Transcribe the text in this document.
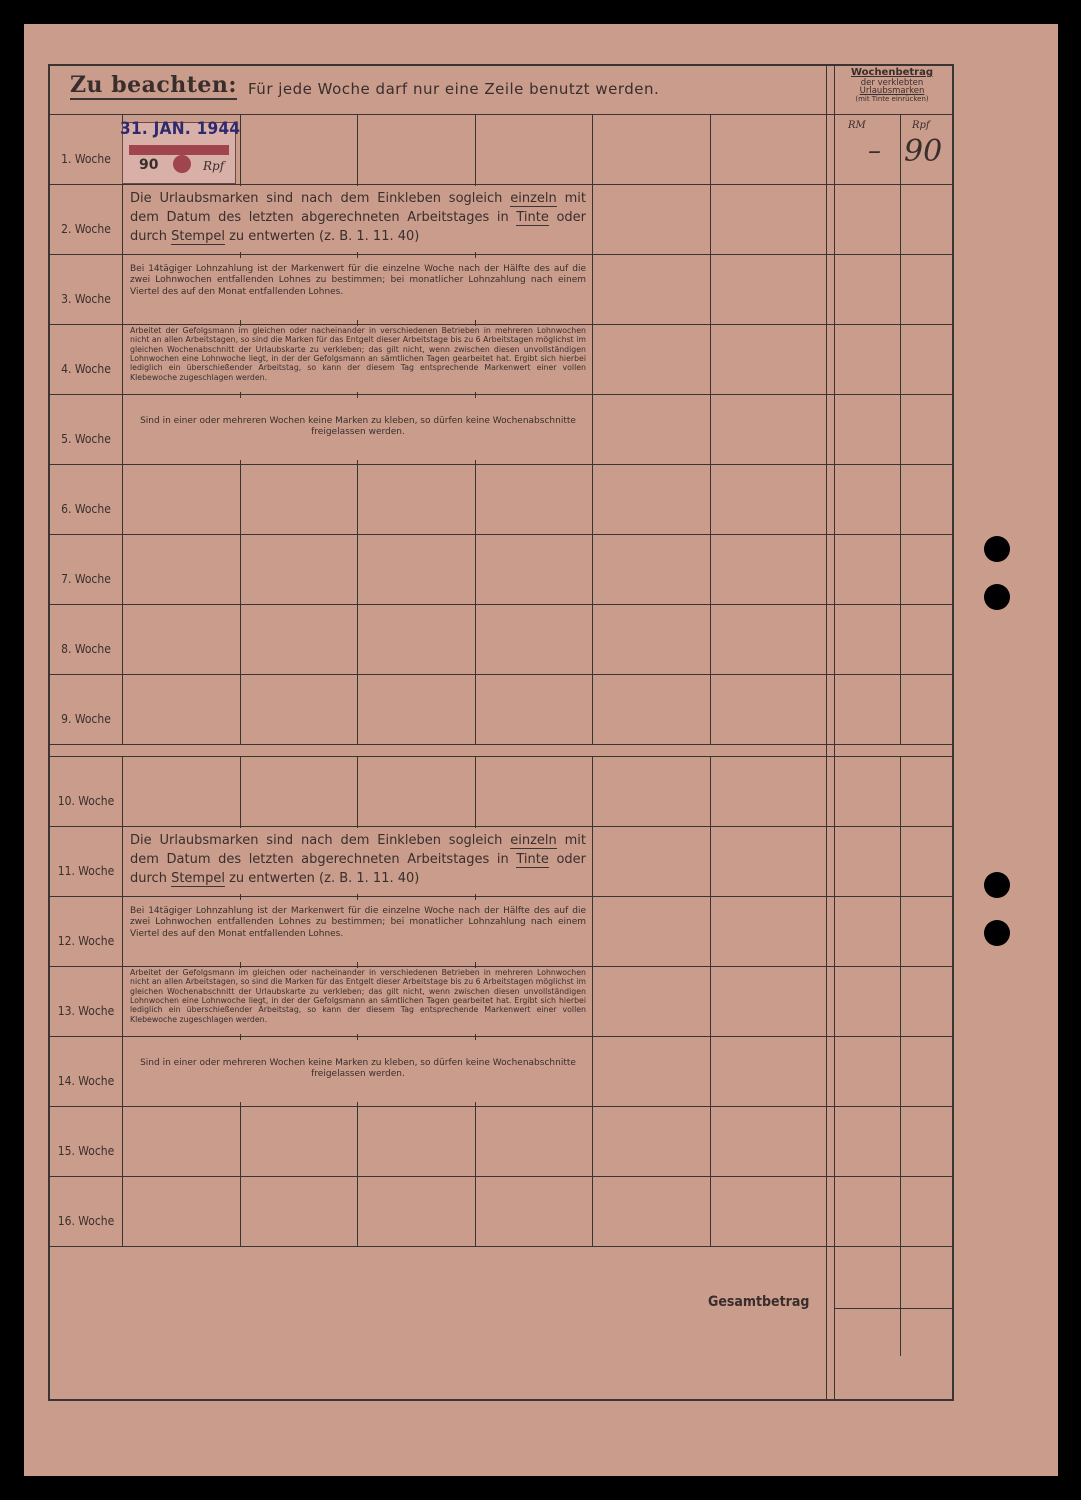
Zu beachten: Für jede Woche darf nur eine Zeile benutzt werden.
Wochenbetrag
der verklebten
Urlaubsmarken
(mit Tinte einrücken)
RM	Rpf
1. Woche
2. Woche
3. Woche
4. Woche
5. Woche
6. Woche
7. Woche
8. Woche
9. Woche
10. Woche
11. Woche
12. Woche
13. Woche
14. Woche
15. Woche
16. Woche
90	Rpf
31. JAN. 1944
– 90
Die Urlaubsmarken sind nach dem Einkleben sogleich einzeln mit dem Datum des letzten abgerechneten Arbeitstages in Tinte oder durch Stempel zu entwerten (z. B. 1. 11. 40)
Bei 14tägiger Lohnzahlung ist der Markenwert für die einzelne Woche nach der Hälfte des auf die zwei Lohnwochen entfallenden Lohnes zu bestimmen; bei monatlicher Lohnzahlung nach einem Viertel des auf den Monat entfallenden Lohnes.
Arbeitet der Gefolgsmann im gleichen oder nacheinander in verschiedenen Betrieben in mehreren Lohnwochen nicht an allen Arbeitstagen, so sind die Marken für das Entgelt dieser Arbeitstage bis zu 6 Arbeitstagen möglichst im gleichen Wochenabschnitt der Urlaubskarte zu verkleben; das gilt nicht, wenn zwischen diesen unvollständigen Lohnwochen eine Lohnwoche liegt, in der der Gefolgsmann an sämtlichen Tagen gearbeitet hat. Ergibt sich hierbei lediglich ein überschießender Arbeitstag, so kann der diesem Tag entsprechende Markenwert einer vollen Klebewoche zugeschlagen werden.
Sind in einer oder mehreren Wochen keine Marken zu kleben, so dürfen keine Wochenabschnitte freigelassen werden.
Die Urlaubsmarken sind nach dem Einkleben sogleich einzeln mit dem Datum des letzten abgerechneten Arbeitstages in Tinte oder durch Stempel zu entwerten (z. B. 1. 11. 40)
Bei 14tägiger Lohnzahlung ist der Markenwert für die einzelne Woche nach der Hälfte des auf die zwei Lohnwochen entfallenden Lohnes zu bestimmen; bei monatlicher Lohnzahlung nach einem Viertel des auf den Monat entfallenden Lohnes.
Arbeitet der Gefolgsmann im gleichen oder nacheinander in verschiedenen Betrieben in mehreren Lohnwochen nicht an allen Arbeitstagen, so sind die Marken für das Entgelt dieser Arbeitstage bis zu 6 Arbeitstagen möglichst im gleichen Wochenabschnitt der Urlaubskarte zu verkleben; das gilt nicht, wenn zwischen diesen unvollständigen Lohnwochen eine Lohnwoche liegt, in der der Gefolgsmann an sämtlichen Tagen gearbeitet hat. Ergibt sich hierbei lediglich ein überschießender Arbeitstag, so kann der diesem Tag entsprechende Markenwert einer vollen Klebewoche zugeschlagen werden.
Sind in einer oder mehreren Wochen keine Marken zu kleben, so dürfen keine Wochenabschnitte freigelassen werden.
Gesamtbetrag
